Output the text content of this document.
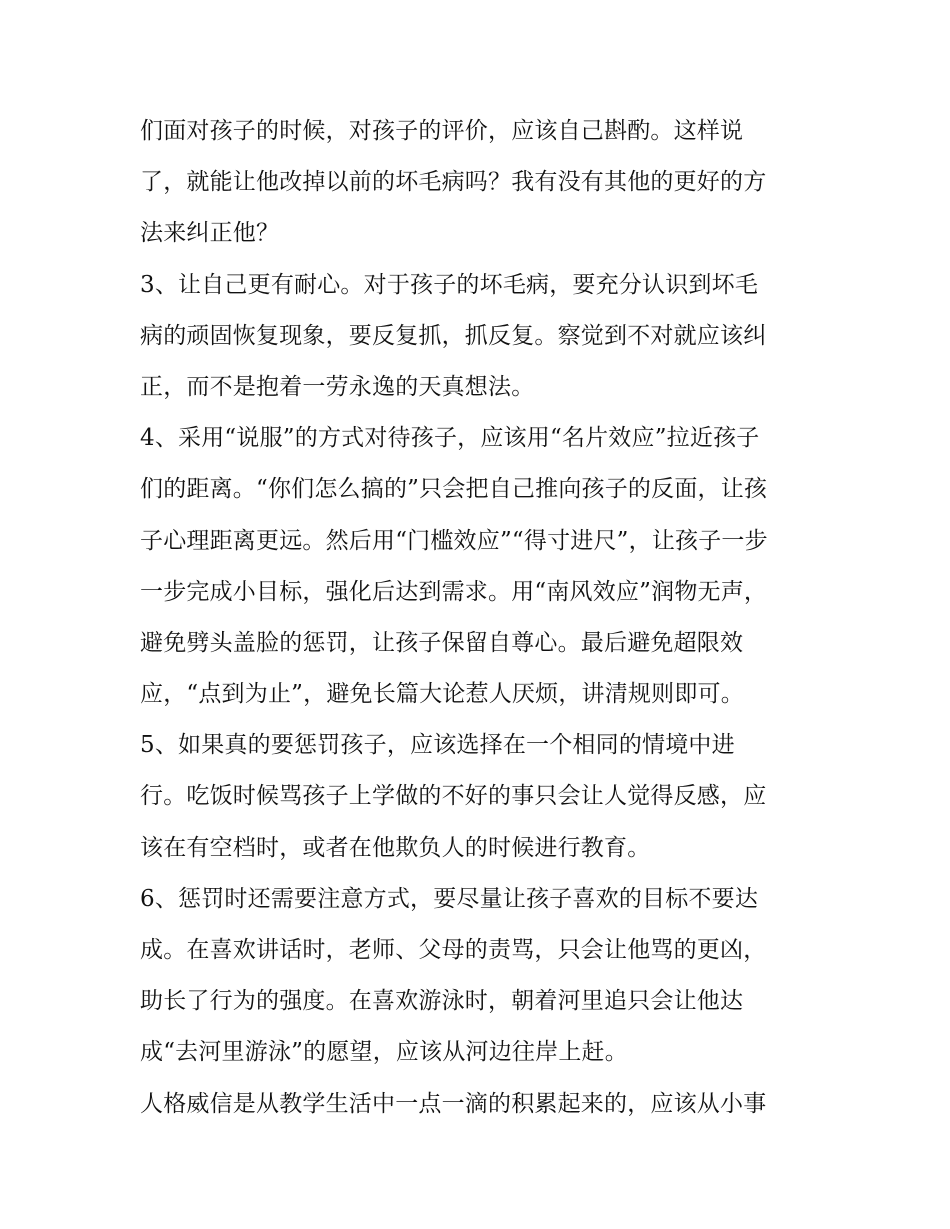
们面对孩子的时候，对孩子的评价，应该自己斟酌。这样说
了，就能让他改掉以前的坏毛病吗？我有没有其他的更好的方
法来纠正他？
3、让自己更有耐心。对于孩子的坏毛病，要充分认识到坏毛
病的顽固恢复现象，要反复抓，抓反复。察觉到不对就应该纠
正，而不是抱着一劳永逸的天真想法。
4、采用“说服”的方式对待孩子，应该用“名片效应”拉近孩子
们的距离。“你们怎么搞的”只会把自己推向孩子的反面，让孩
子心理距离更远。然后用“门槛效应”“得寸进尺”，让孩子一步
一步完成小目标，强化后达到需求。用“南风效应”润物无声，
避免劈头盖脸的惩罚，让孩子保留自尊心。最后避免超限效
应，“点到为止”，避免长篇大论惹人厌烦，讲清规则即可。
5、如果真的要惩罚孩子，应该选择在一个相同的情境中进
行。吃饭时候骂孩子上学做的不好的事只会让人觉得反感，应
该在有空档时，或者在他欺负人的时候进行教育。
6、惩罚时还需要注意方式，要尽量让孩子喜欢的目标不要达
成。在喜欢讲话时，老师、父母的责骂，只会让他骂的更凶，
助长了行为的强度。在喜欢游泳时，朝着河里追只会让他达
成“去河里游泳”的愿望，应该从河边往岸上赶。
人格威信是从教学生活中一点一滴的积累起来的，应该从小事
